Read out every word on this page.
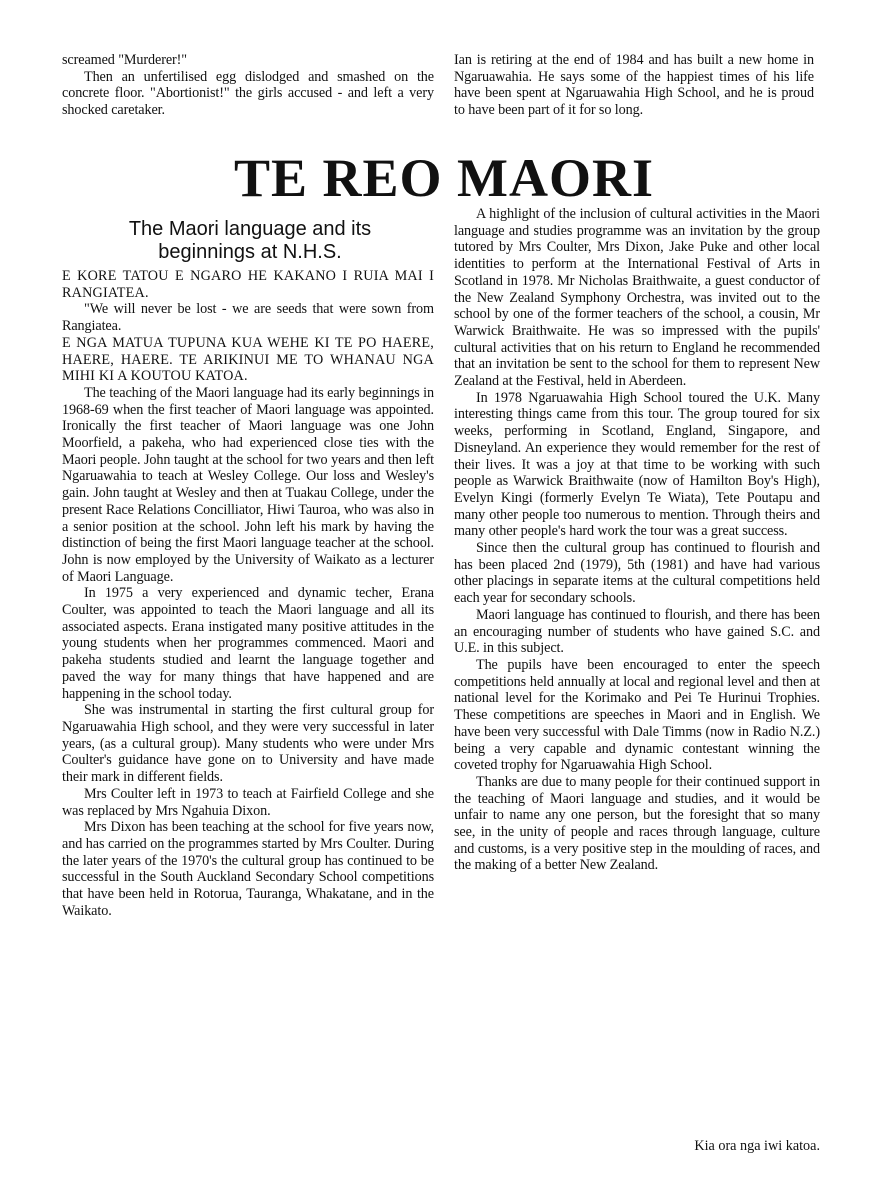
screamed "Murderer!"

Then an unfertilised egg dislodged and smashed on the concrete floor. "Abortionist!" the girls accused - and left a very shocked caretaker.

Ian is retiring at the end of 1984 and has built a new home in Ngaruawahia. He says some of the happiest times of his life have been spent at Ngaruawahia High School, and he is proud to have been part of it for so long.

TE REO MAORI
The Maori language and its beginnings at N.H.S.

E KORE TATOU E NGARO HE KAKANO I RUIA MAI I RANGIATEA.

"We will never be lost - we are seeds that were sown from Rangiatea.

E NGA MATUA TUPUNA KUA WEHE KI TE PO HAERE, HAERE, HAERE. TE ARIKINUI ME TO WHANAU NGA MIHI KI A KOUTOU KATOA.

The teaching of the Maori language had its early beginnings in 1968-69 when the first teacher of Maori language was appointed. Ironically the first teacher of Maori language was one John Moorfield, a pakeha, who had experienced close ties with the Maori people. John taught at the school for two years and then left Ngaruawahia to teach at Wesley College. Our loss and Wesley's gain. John taught at Wesley and then at Tuakau College, under the present Race Relations Concilliator, Hiwi Tauroa, who was also in a senior position at the school. John left his mark by having the distinction of being the first Maori language teacher at the school. John is now employed by the University of Waikato as a lecturer of Maori Language.

In 1975 a very experienced and dynamic techer, Erana Coulter, was appointed to teach the Maori language and all its associated aspects. Erana instigated many positive attitudes in the young students when her programmes commenced. Maori and pakeha students studied and learnt the language together and paved the way for many things that have happened and are happening in the school today.

She was instrumental in starting the first cultural group for Ngaruawahia High school, and they were very successful in later years, (as a cultural group). Many students who were under Mrs Coulter's guidance have gone on to University and have made their mark in different fields.

Mrs Coulter left in 1973 to teach at Fairfield College and she was replaced by Mrs Ngahuia Dixon.

Mrs Dixon has been teaching at the school for five years now, and has carried on the programmes started by Mrs Coulter. During the later years of the 1970's the cultural group has continued to be successful in the South Auckland Secondary School competitions that have been held in Rotorua, Tauranga, Whakatane, and in the Waikato.

A highlight of the inclusion of cultural activities in the Maori language and studies programme was an invitation by the group tutored by Mrs Coulter, Mrs Dixon, Jake Puke and other local identities to perform at the International Festival of Arts in Scotland in 1978. Mr Nicholas Braithwaite, a guest conductor of the New Zealand Symphony Orchestra, was invited out to the school by one of the former teachers of the school, a cousin, Mr Warwick Braithwaite. He was so impressed with the pupils' cultural activities that on his return to England he recommended that an invitation be sent to the school for them to represent New Zealand at the Festival, held in Aberdeen.

In 1978 Ngaruawahia High School toured the U.K. Many interesting things came from this tour. The group toured for six weeks, performing in Scotland, England, Singapore, and Disneyland. An experience they would remember for the rest of their lives. It was a joy at that time to be working with such people as Warwick Braithwaite (now of Hamilton Boy's High), Evelyn Kingi (formerly Evelyn Te Wiata), Tete Poutapu and many other people too numerous to mention. Through theirs and many other people's hard work the tour was a great success.

Since then the cultural group has continued to flourish and has been placed 2nd (1979), 5th (1981) and have had various other placings in separate items at the cultural competitions held each year for secondary schools.

Maori language has continued to flourish, and there has been an encouraging number of students who have gained S.C. and U.E. in this subject.

The pupils have been encouraged to enter the speech competitions held annually at local and regional level and then at national level for the Korimako and Pei Te Hurinui Trophies. These competitions are speeches in Maori and in English. We have been very successful with Dale Timms (now in Radio N.Z.) being a very capable and dynamic contestant winning the coveted trophy for Ngaruawahia High School.

Thanks are due to many people for their continued support in the teaching of Maori language and studies, and it would be unfair to name any one person, but the foresight that so many see, in the unity of people and races through language, culture and customs, is a very positive step in the moulding of races, and the making of a better New Zealand.

Kia ora nga iwi katoa.
